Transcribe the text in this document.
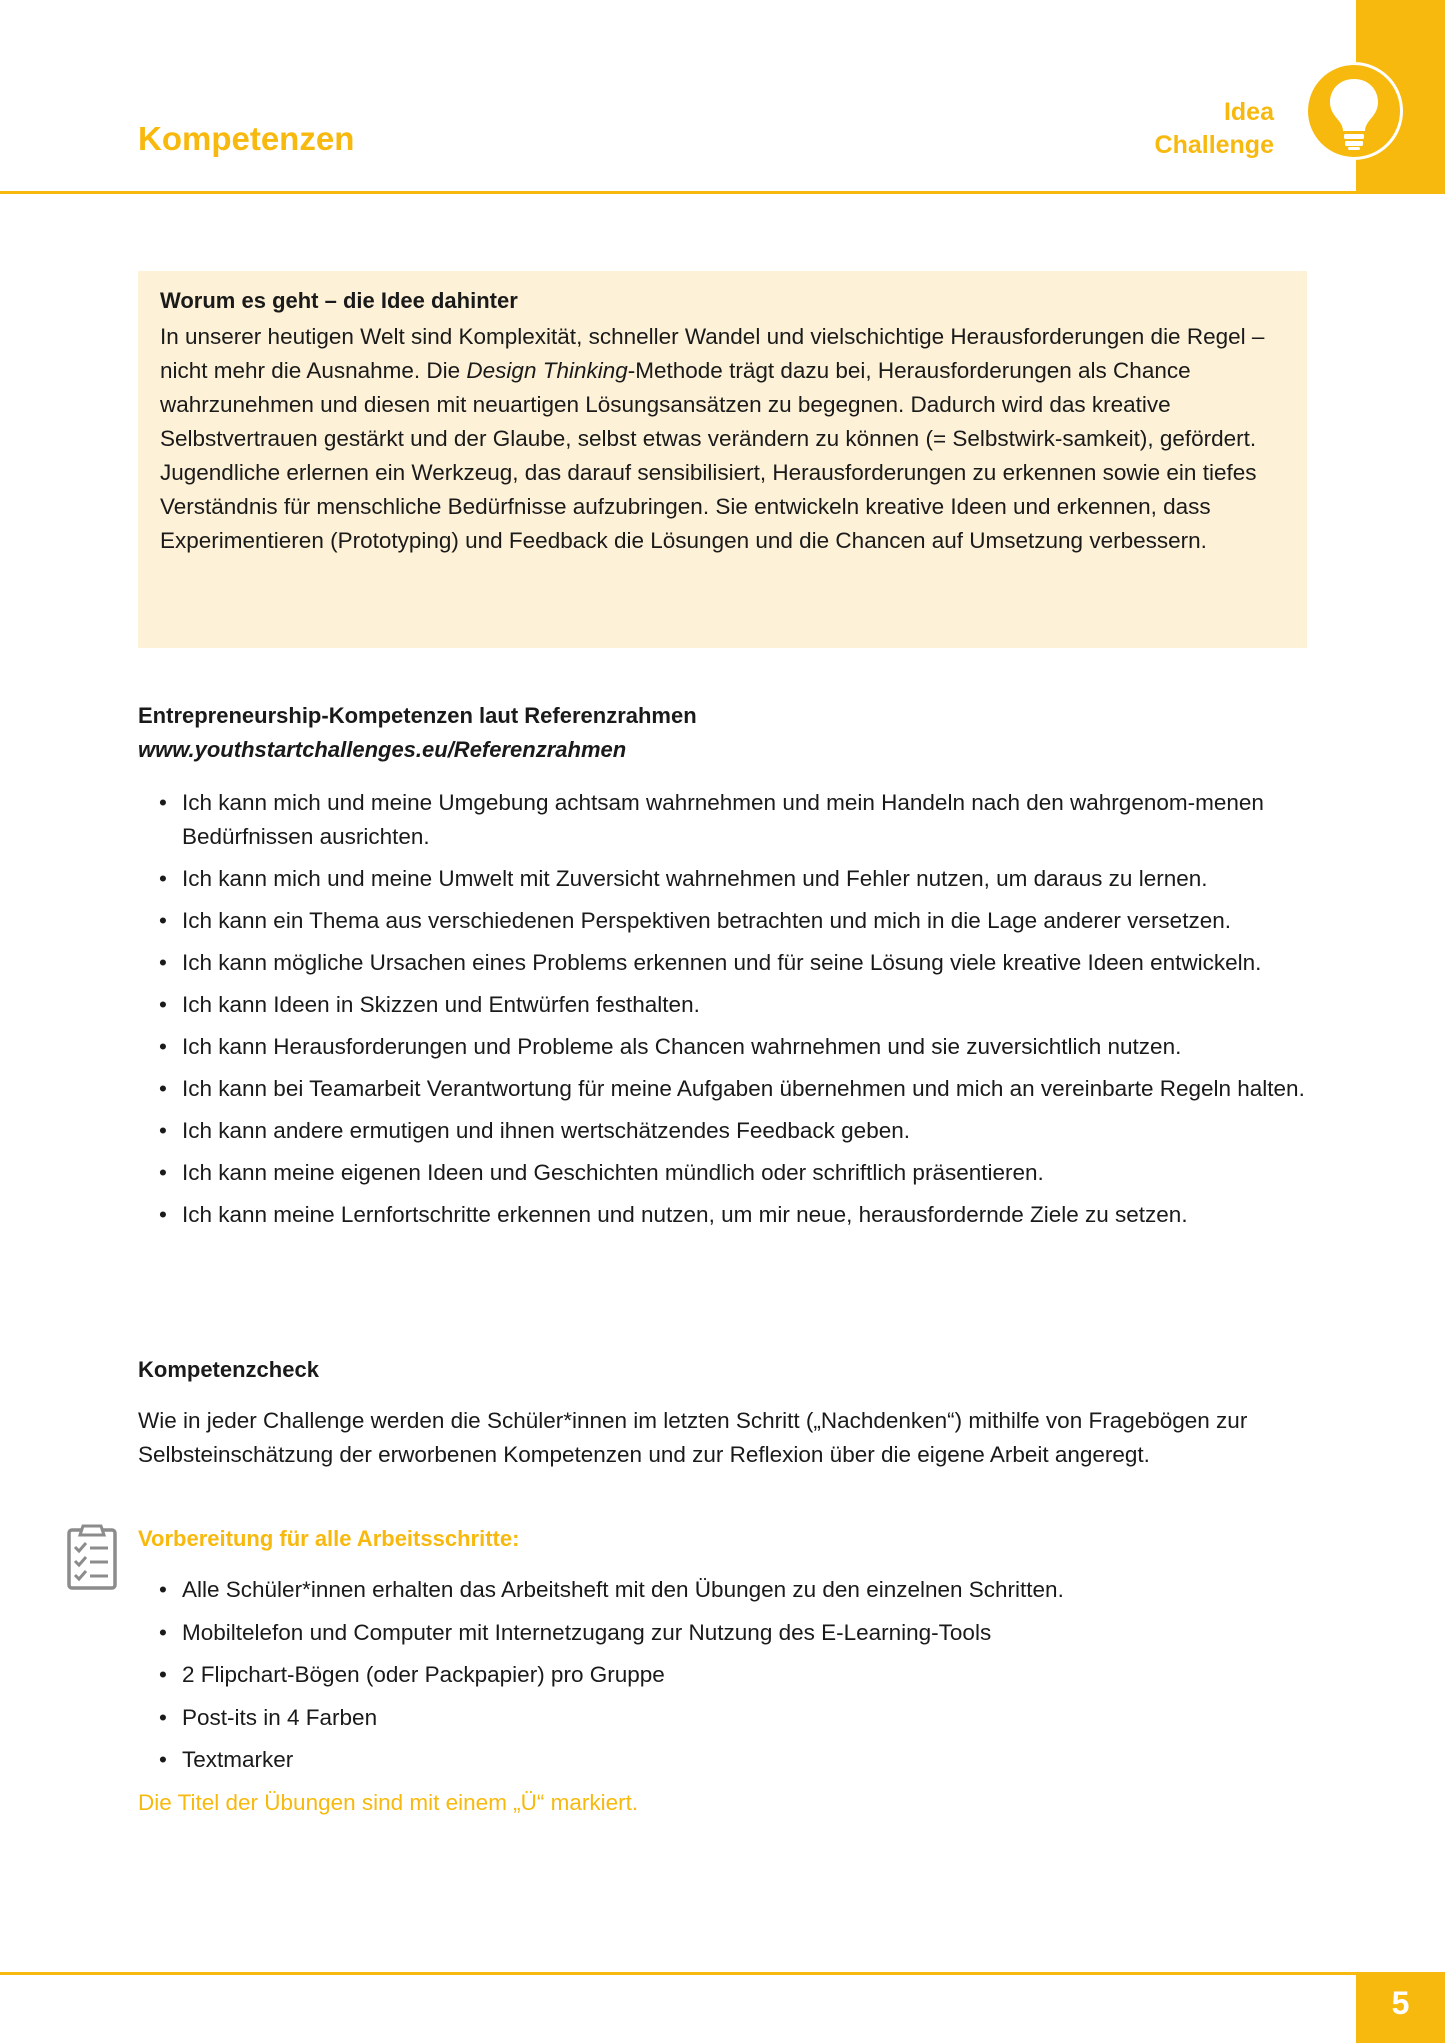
Kompetenzen
Idea
Challenge
Worum es geht – die Idee dahinter

In unserer heutigen Welt sind Komplexität, schneller Wandel und vielschichtige Herausforderungen die Regel – nicht mehr die Ausnahme. Die Design Thinking-Methode trägt dazu bei, Herausforderungen als Chance wahrzunehmen und diesen mit neuartigen Lösungsansätzen zu begegnen. Dadurch wird das kreative Selbstvertrauen gestärkt und der Glaube, selbst etwas verändern zu können (= Selbstwirk-samkeit), gefördert.

Jugendliche erlernen ein Werkzeug, das darauf sensibilisiert, Herausforderungen zu erkennen sowie ein tiefes Verständnis für menschliche Bedürfnisse aufzubringen. Sie entwickeln kreative Ideen und erkennen, dass Experimentieren (Prototyping) und Feedback die Lösungen und die Chancen auf Umsetzung verbessern.

Entrepreneurship-Kompetenzen laut Referenzrahmen
www.youthstartchallenges.eu/Referenzrahmen
• Ich kann mich und meine Umgebung achtsam wahrnehmen und mein Handeln nach den wahrgenom-menen Bedürfnissen ausrichten.
• Ich kann mich und meine Umwelt mit Zuversicht wahrnehmen und Fehler nutzen, um daraus zu lernen.
• Ich kann ein Thema aus verschiedenen Perspektiven betrachten und mich in die Lage anderer versetzen.
• Ich kann mögliche Ursachen eines Problems erkennen und für seine Lösung viele kreative Ideen entwickeln.
• Ich kann Ideen in Skizzen und Entwürfen festhalten.
• Ich kann Herausforderungen und Probleme als Chancen wahrnehmen und sie zuversichtlich nutzen.
• Ich kann bei Teamarbeit Verantwortung für meine Aufgaben übernehmen und mich an vereinbarte Regeln halten.
• Ich kann andere ermutigen und ihnen wertschätzendes Feedback geben.
• Ich kann meine eigenen Ideen und Geschichten mündlich oder schriftlich präsentieren.
• Ich kann meine Lernfortschritte erkennen und nutzen, um mir neue, herausfordernde Ziele zu setzen.
Kompetenzcheck
Wie in jeder Challenge werden die Schüler*innen im letzten Schritt („Nachdenken“) mithilfe von Fragebögen zur Selbsteinschätzung der erworbenen Kompetenzen und zur Reflexion über die eigene Arbeit angeregt.
Vorbereitung für alle Arbeitsschritte:
• Alle Schüler*innen erhalten das Arbeitsheft mit den Übungen zu den einzelnen Schritten.
• Mobiltelefon und Computer mit Internetzugang zur Nutzung des E-Learning-Tools
• 2 Flipchart-Bögen (oder Packpapier) pro Gruppe
• Post-its in 4 Farben
• Textmarker
Die Titel der Übungen sind mit einem „Ü“ markiert.
5
